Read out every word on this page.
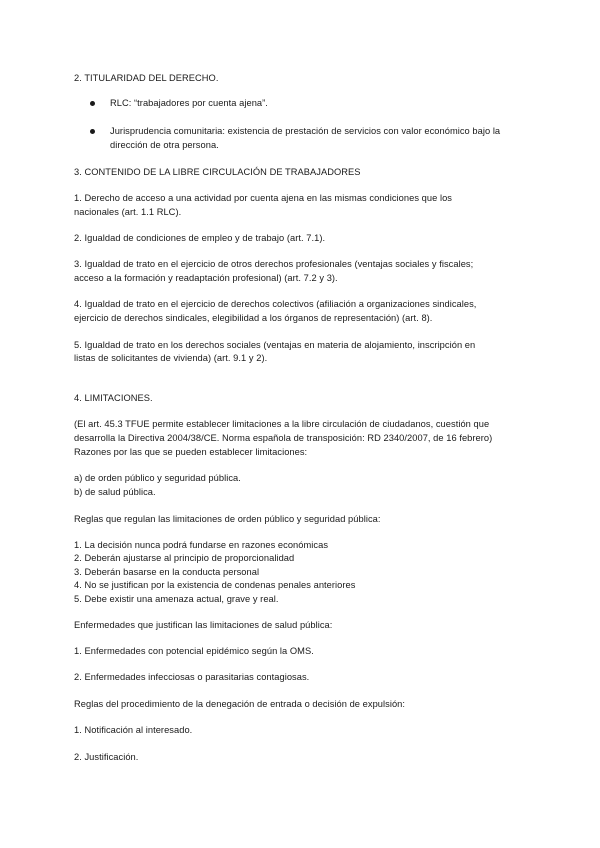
2. TITULARIDAD DEL DERECHO.
RLC: “trabajadores por cuenta ajena”.
Jurisprudencia comunitaria: existencia de prestación de servicios con valor económico bajo la
dirección de otra persona.
3. CONTENIDO DE LA LIBRE CIRCULACIÓN DE TRABAJADORES
1. Derecho de acceso a una actividad por cuenta ajena en las mismas condiciones que los
nacionales (art. 1.1 RLC).
2. Igualdad de condiciones de empleo y de trabajo (art. 7.1).
3. Igualdad de trato en el ejercicio de otros derechos profesionales (ventajas sociales y fiscales;
acceso a la formación y readaptación profesional) (art. 7.2 y 3).
4. Igualdad de trato en el ejercicio de derechos colectivos (afiliación a organizaciones sindicales,
ejercicio de derechos sindicales, elegibilidad a los órganos de representación) (art. 8).
5. Igualdad de trato en los derechos sociales (ventajas en materia de alojamiento, inscripción en
listas de solicitantes de vivienda) (art. 9.1 y 2).
4. LIMITACIONES.
(El art. 45.3 TFUE permite establecer limitaciones a la libre circulación de ciudadanos, cuestión que
desarrolla la Directiva 2004/38/CE. Norma española de transposición: RD 2340/2007, de 16 febrero)
Razones por las que se pueden establecer limitaciones:
a) de orden público y seguridad pública.
b) de salud pública.
Reglas que regulan las limitaciones de orden público y seguridad pública:
1. La decisión nunca podrá fundarse en razones económicas
2. Deberán ajustarse al principio de proporcionalidad
3. Deberán basarse en la conducta personal
4. No se justifican por la existencia de condenas penales anteriores
5. Debe existir una amenaza actual, grave y real.
Enfermedades que justifican las limitaciones de salud pública:
1. Enfermedades con potencial epidémico según la OMS.
2. Enfermedades infecciosas o parasitarias contagiosas.
Reglas del procedimiento de la denegación de entrada o decisión de expulsión:
1. Notificación al interesado.
2. Justificación.
